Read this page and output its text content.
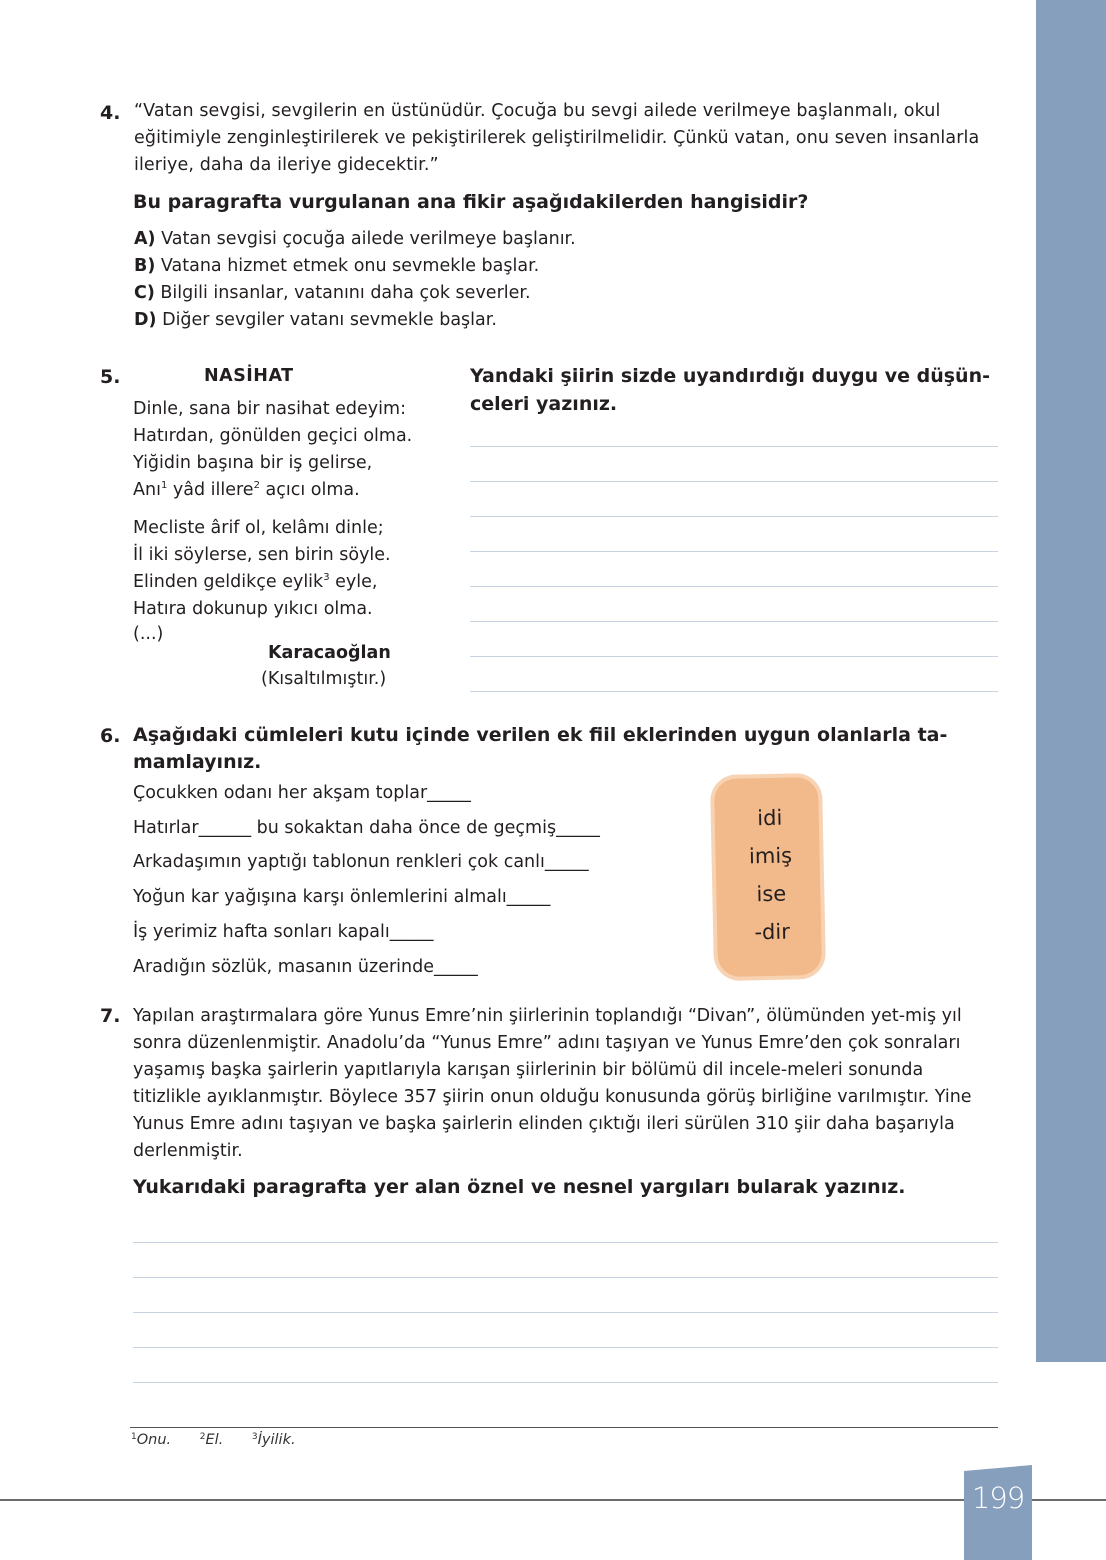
4. “Vatan sevgisi, sevgilerin en üstünüdür. Çocuğa bu sevgi ailede verilmeye başlanmalı, okul eğitimiyle zenginleştirilerek ve pekiştirilerek geliştirilmelidir. Çünkü vatan, onu seven insanlarla ileriye, daha da ileriye gidecektir.”
Bu paragrafta vurgulanan ana fikir aşağıdakilerden hangisidir?
A) Vatan sevgisi çocuğa ailede verilmeye başlanır.
B) Vatana hizmet etmek onu sevmekle başlar.
C) Bilgili insanlar, vatanını daha çok severler.
D) Diğer sevgiler vatanı sevmekle başlar.
5.	NASİHAT
Dinle, sana bir nasihat edeyim:
Hatırdan, gönülden geçici olma.
Yiğidin başına bir iş gelirse,
Anı$^1$ yâd illere$^2$ açıcı olma.
Mecliste ârif ol, kelâmı dinle;
İl iki söylerse, sen birin söyle.
Elinden geldikçe eylik$^3$ eyle,
Hatıra dokunup yıkıcı olma.
(...)
Karacaoğlan
(Kısaltılmıştır.)
Yandaki şiirin sizde uyandırdığı duygu ve düşün-celeri yazınız.
6. Aşağıdaki cümleleri kutu içinde verilen ek fiil eklerinden uygun olanlarla ta-mamlayınız.
Çocukken odanı her akşam toplar_____
Hatırlar______ bu sokaktan daha önce de geçmiş_____
Arkadaşımın yaptığı tablonun renkleri çok canlı_____
Yoğun kar yağışına karşı önlemlerini almalı_____
İş yerimiz hafta sonları kapalı_____
Aradığın sözlük, masanın üzerinde_____
idi
imiş
ise
-dir
7. Yapılan araştırmalara göre Yunus Emre’nin şiirlerinin toplandığı “Divan”, ölümünden yet-miş yıl sonra düzenlenmiştir. Anadolu’da “Yunus Emre” adını taşıyan ve Yunus Emre’den çok sonraları yaşamış başka şairlerin yapıtlarıyla karışan şiirlerinin bir bölümü dil incele-meleri sonunda titizlikle ayıklanmıştır. Böylece 357 şiirin onun olduğu konusunda görüş birliğine varılmıştır. Yine Yunus Emre adını taşıyan ve başka şairlerin elinden çıktığı ileri sürülen 310 şiir daha başarıyla derlenmiştir.
Yukarıdaki paragrafta yer alan öznel ve nesnel yargıları bularak yazınız.
$^1$Onu.	$^2$El.	$^3$İyilik.
199
